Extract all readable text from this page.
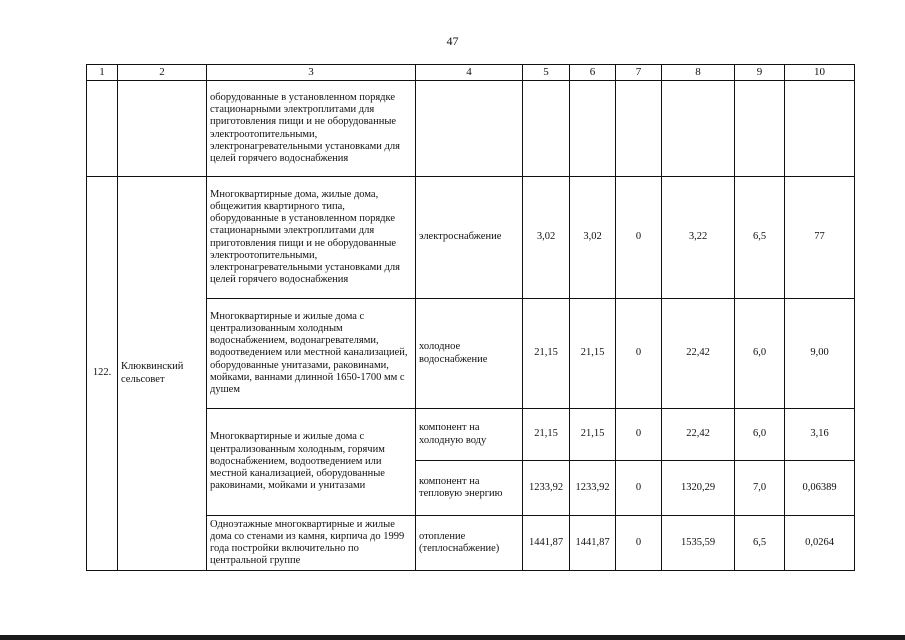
47
1	2	3	4	5	6	7	8	9	10
		оборудованные в установленном порядке стационарными электроплитами для приготовления пищи и не оборудованные электроотопительными, электронагревательными установками для целей горячего водоснабжения							
122.	Клюквинский сельсовет	Многоквартирные дома, жилые дома, общежития квартирного типа, оборудованные в установленном порядке стационарными электроплитами для приготовления пищи и не оборудованные электроотопительными, электронагревательными установками для целей горячего водоснабжения	электроснабжение	3,02	3,02	0	3,22	6,5	77
		Многоквартирные и жилые дома с централизованным холодным водоснабжением, водонагревателями, водоотведением или местной канализацией, оборудованные унитазами, раковинами, мойками, ваннами длинной 1650-1700 мм с душем	холодное водоснабжение	21,15	21,15	0	22,42	6,0	9,00
		Многоквартирные и жилые дома с централизованным холодным, горячим водоснабжением, водоотведением или местной канализацией, оборудованные раковинами, мойками и унитазами	компонент на холодную воду	21,15	21,15	0	22,42	6,0	3,16
			компонент на тепловую энергию	1233,92	1233,92	0	1320,29	7,0	0,06389
		Одноэтажные многоквартирные и жилые дома со стенами из камня, кирпича до 1999 года постройки включительно по центральной группе	отопление (теплоснабжение)	1441,87	1441,87	0	1535,59	6,5	0,0264
